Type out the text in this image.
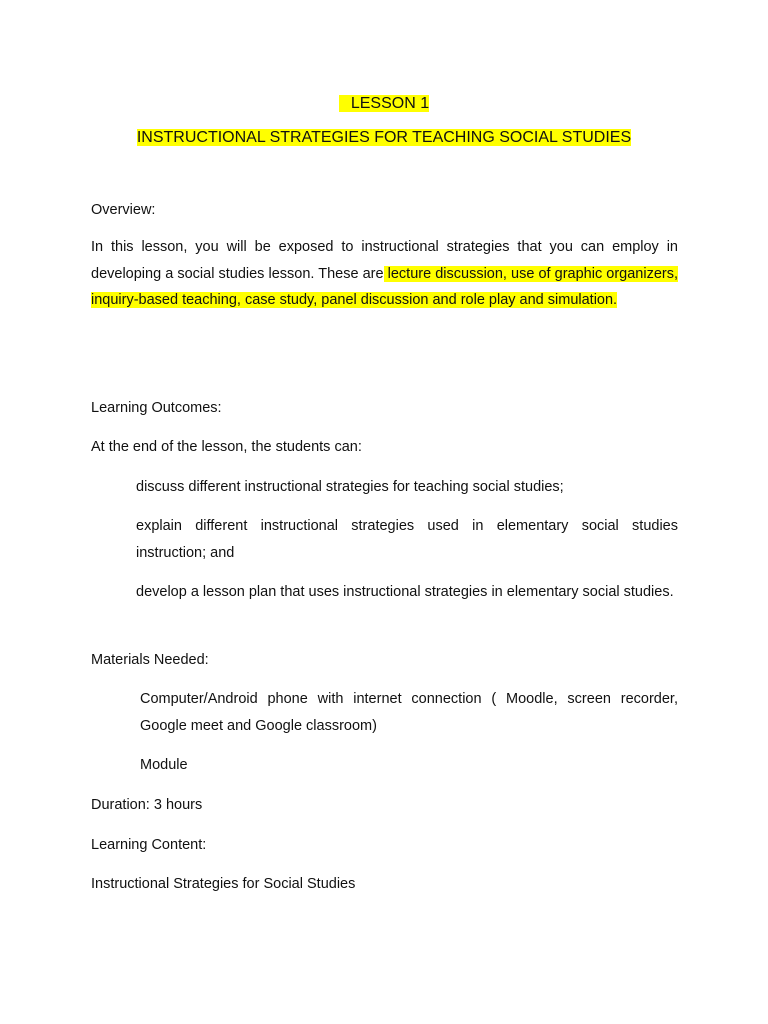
LESSON 1
INSTRUCTIONAL STRATEGIES FOR TEACHING SOCIAL STUDIES
Overview:
In this lesson, you will be exposed to instructional strategies that you can employ in developing a social studies lesson. These are lecture discussion, use of graphic organizers, inquiry-based teaching, case study, panel discussion and role play and simulation.
Learning Outcomes:
At the end of the lesson, the students can:
discuss different instructional strategies for teaching social studies;
explain different instructional strategies used in elementary social studies instruction; and
develop a lesson plan that uses instructional strategies in elementary social studies.
Materials Needed:
Computer/Android phone with internet connection ( Moodle, screen recorder, Google meet and Google classroom)
Module
Duration: 3 hours
Learning Content:
Instructional Strategies for Social Studies
